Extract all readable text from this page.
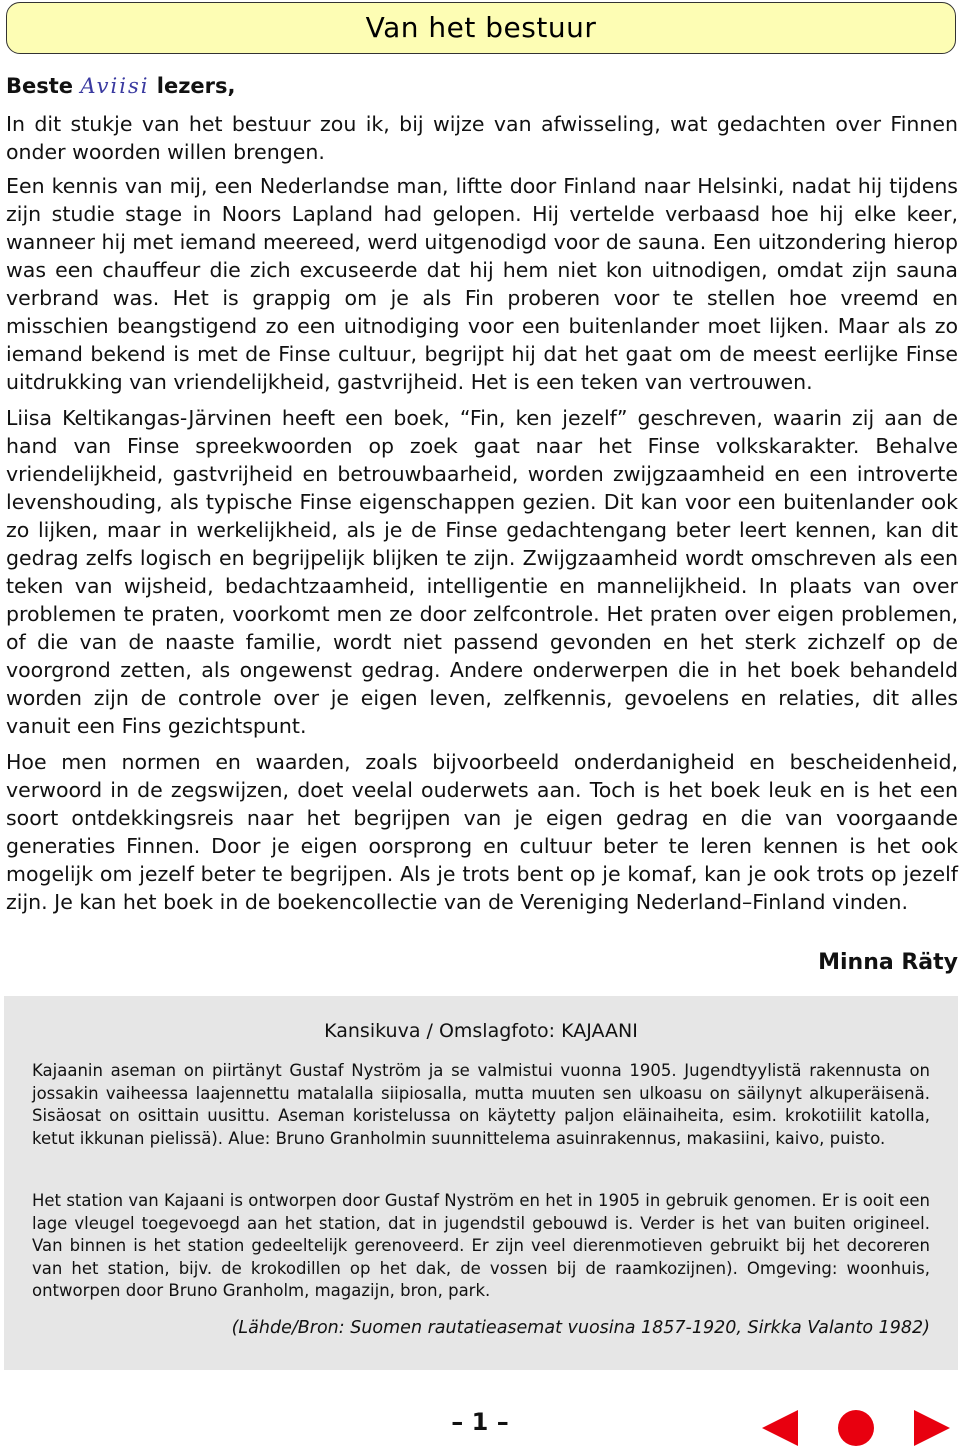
Van het bestuur
Beste Aviisi lezers,

In dit stukje van het bestuur zou ik, bij wijze van afwisseling, wat gedachten over Finnen onder woorden willen brengen.

Een kennis van mij, een Nederlandse man, liftte door Finland naar Helsinki, nadat hij tijdens zijn studie stage in Noors Lapland had gelopen. Hij vertelde verbaasd hoe hij elke keer, wanneer hij met iemand meereed, werd uitgenodigd voor de sauna. Een uitzondering hierop was een chauffeur die zich excuseerde dat hij hem niet kon uitnodigen, omdat zijn sauna verbrand was. Het is grappig om je als Fin proberen voor te stellen hoe vreemd en misschien beangstigend zo een uitnodiging voor een buitenlander moet lijken. Maar als zo iemand bekend is met de Finse cultuur, begrijpt hij dat het gaat om de meest eerlijke Finse uitdrukking van vriendelijkheid, gastvrijheid. Het is een teken van vertrouwen.

Liisa Keltikangas-Järvinen heeft een boek, “Fin, ken jezelf” geschreven, waarin zij aan de hand van Finse spreekwoorden op zoek gaat naar het Finse volkskarakter. Behalve vriendelijkheid, gastvrijheid en betrouwbaarheid, worden zwijgzaamheid en een introverte levenshouding, als typische Finse eigenschappen gezien. Dit kan voor een buitenlander ook zo lijken, maar in werkelijkheid, als je de Finse gedachtengang beter leert kennen, kan dit gedrag zelfs logisch en begrijpelijk blijken te zijn. Zwijgzaamheid wordt omschreven als een teken van wijsheid, bedachtzaamheid, intelligentie en mannelijkheid. In plaats van over problemen te praten, voorkomt men ze door zelfcontrole. Het praten over eigen problemen, of die van de naaste familie, wordt niet passend gevonden en het sterk zichzelf op de voorgrond zetten, als ongewenst gedrag. Andere onderwerpen die in het boek behandeld worden zijn de controle over je eigen leven, zelfkennis, gevoelens en relaties, dit alles vanuit een Fins gezichtspunt.

Hoe men normen en waarden, zoals bijvoorbeeld onderdanigheid en bescheidenheid, verwoord in de zegswijzen, doet veelal ouderwets aan. Toch is het boek leuk en is het een soort ontdekkingsreis naar het begrijpen van je eigen gedrag en die van voorgaande generaties Finnen. Door je eigen oorsprong en cultuur beter te leren kennen is het ook mogelijk om jezelf beter te begrijpen. Als je trots bent op je komaf, kan je ook trots op jezelf zijn. Je kan het boek in de boekencollectie van de Vereniging Nederland–Finland vinden.

Minna Räty
Kansikuva / Omslagfoto: KAJAANI

Kajaanin aseman on piirtänyt Gustaf Nyström ja se valmistui vuonna 1905. Jugendtyylistä rakennusta on jossakin vaiheessa laajennettu matalalla siipiosalla, mutta muuten sen ulkoasu on säilynyt alkuperäisenä. Sisäosat on osittain uusittu. Aseman koristelussa on käytetty paljon eläinaiheita, esim. krokotiilit katolla, ketut ikkunan pielissä). Alue: Bruno Granholmin suunnittelema asuinrakennus, makasiini, kaivo, puisto.

Het station van Kajaani is ontworpen door Gustaf Nyström en het in 1905 in gebruik genomen. Er is ooit een lage vleugel toegevoegd aan het station, dat in jugendstil gebouwd is. Verder is het van buiten origineel. Van binnen is het station gedeeltelijk gerenoveerd. Er zijn veel dierenmotieven gebruikt bij het decoreren van het station, bijv. de krokodillen op het dak, de vossen bij de raamkozijnen). Omgeving: woonhuis, ontworpen door Bruno Granholm, magazijn, bron, park.

(Lähde/Bron: Suomen rautatieasemat vuosina 1857-1920, Sirkka Valanto 1982)
– 1 –
